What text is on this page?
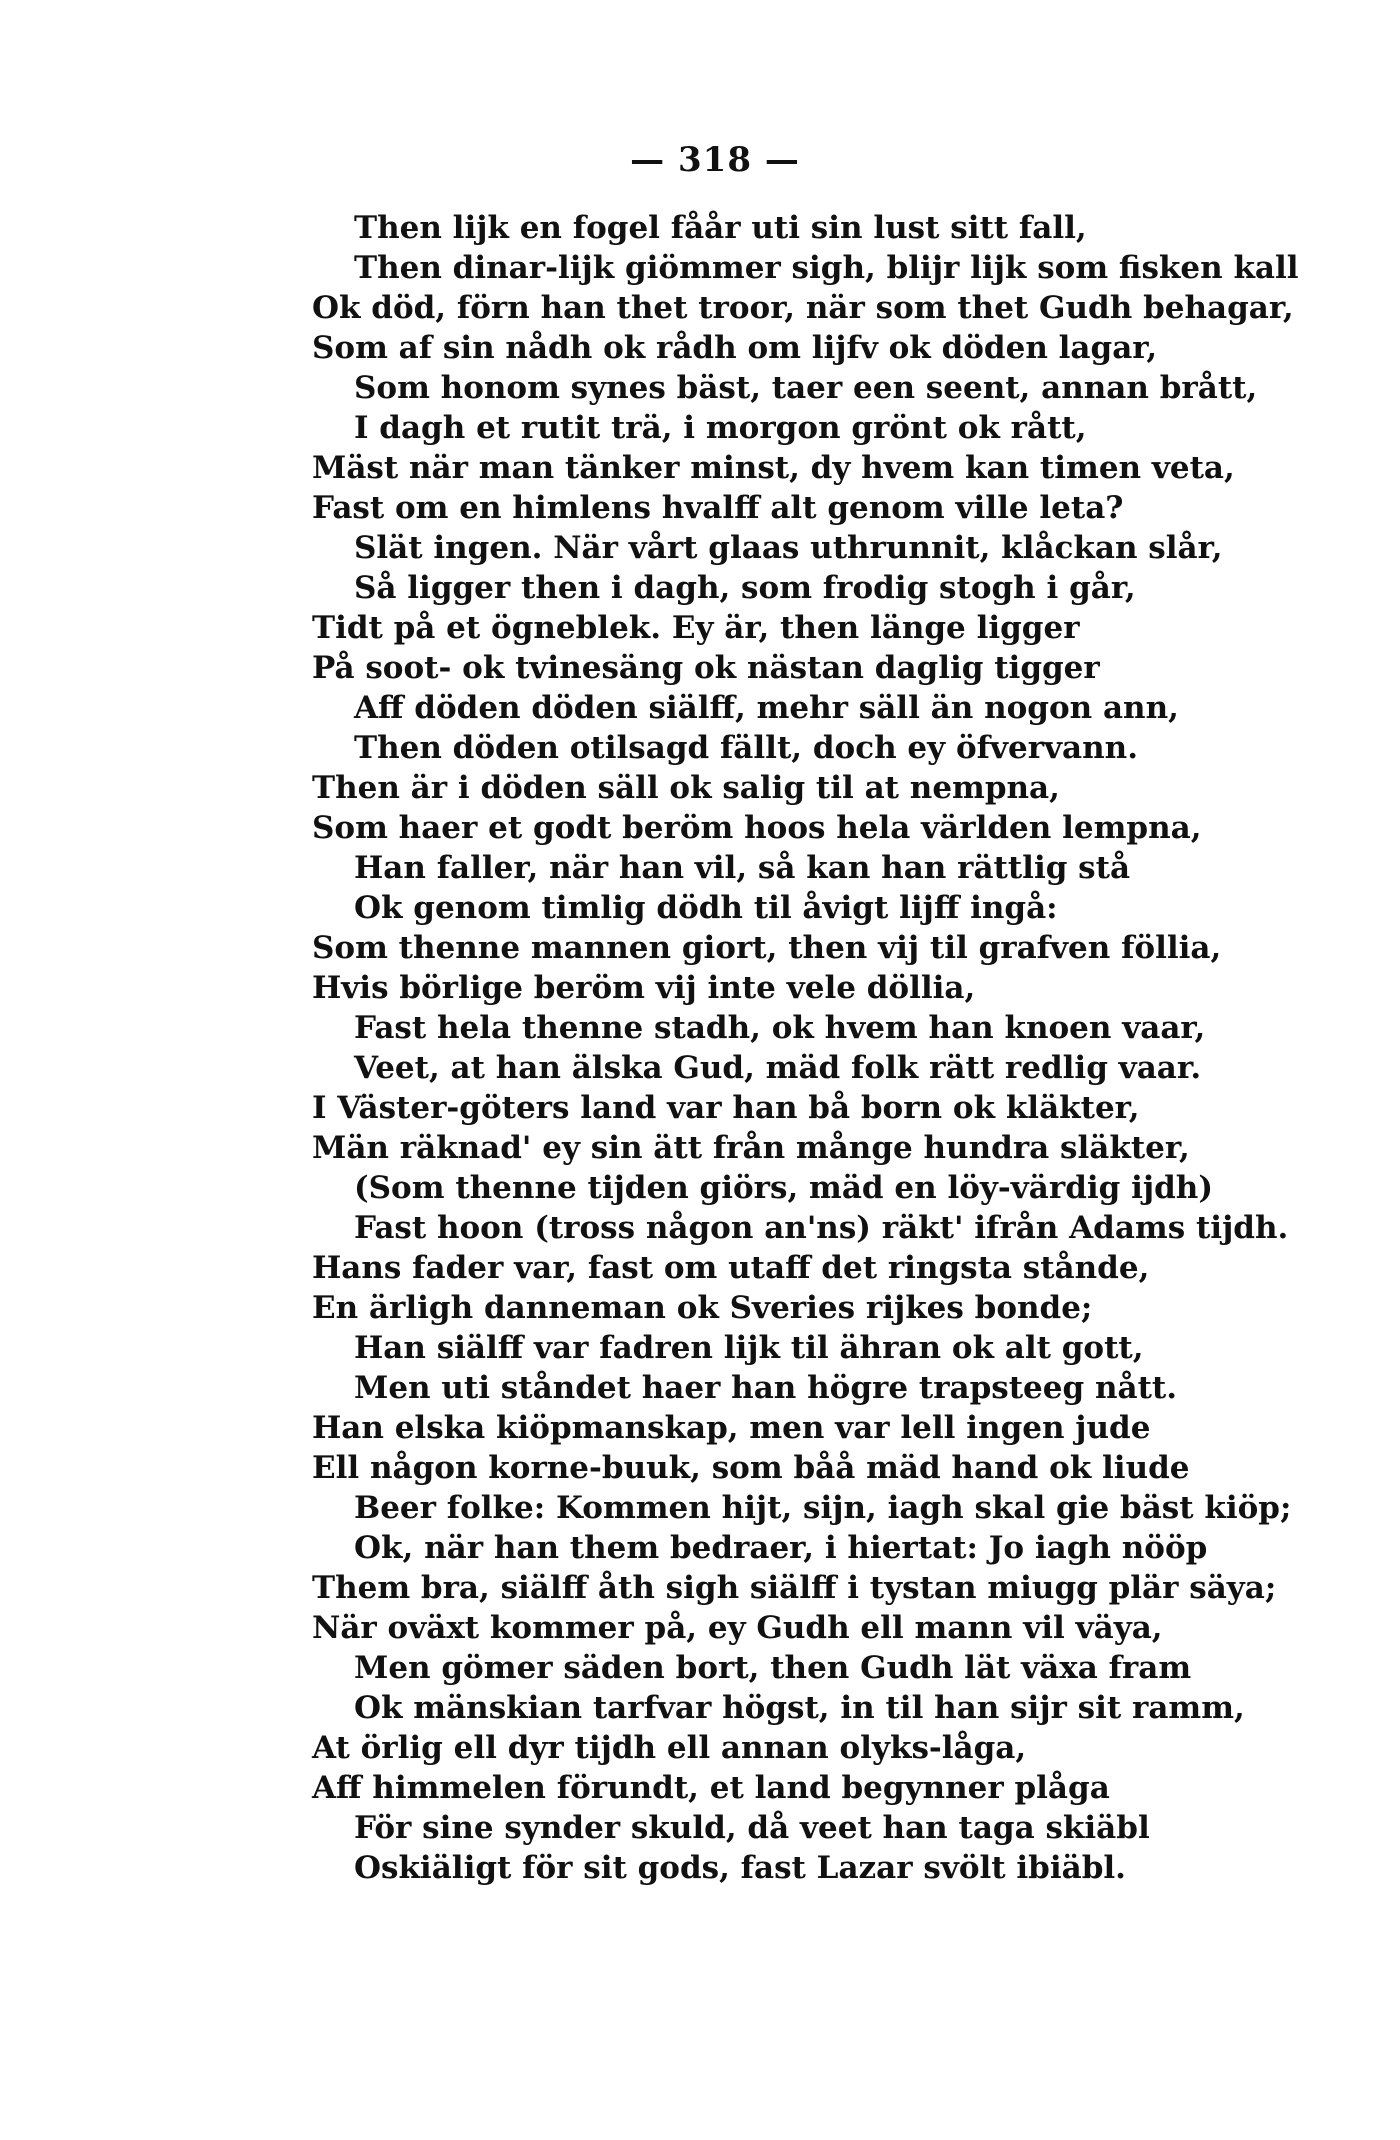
— 318 —
Then lijk en fogel fåår uti sin lust sitt fall,
Then dinar-lijk giömmer sigh, blijr lijk som fisken kall
Ok död, förn han thet troor, när som thet Gudh behagar,
Som af sin nådh ok rådh om lijfv ok döden lagar,
Som honom synes bäst, taer een seent, annan brått,
I dagh et rutit trä, i morgon grönt ok rått,
Mäst när man tänker minst, dy hvem kan timen veta,
Fast om en himlens hvalff alt genom ville leta?
Slät ingen. När vårt glaas uthrunnit, klåckan slår,
Så ligger then i dagh, som frodig stogh i går,
Tidt på et ögneblek. Ey är, then länge ligger
På soot- ok tvinesäng ok nästan daglig tigger
Aff döden döden siälff, mehr säll än nogon ann,
Then döden otilsagd fällt, doch ey öfvervann.
Then är i döden säll ok salig til at nempna,
Som haer et godt beröm hoos hela världen lempna,
Han faller, när han vil, så kan han rättlig stå
Ok genom timlig dödh til åvigt lijff ingå:
Som thenne mannen giort, then vij til grafven föllia,
Hvis börlige beröm vij inte vele döllia,
Fast hela thenne stadh, ok hvem han knoen vaar,
Veet, at han älska Gud, mäd folk rätt redlig vaar.
I Väster-göters land var han bå born ok kläkter,
Män räknad' ey sin ätt från månge hundra släkter,
(Som thenne tijden giörs, mäd en löy-värdig ijdh)
Fast hoon (tross någon an'ns) räkt' ifrån Adams tijdh.
Hans fader var, fast om utaff det ringsta stånde,
En ärligh danneman ok Sveries rijkes bonde;
Han siälff var fadren lijk til ähran ok alt gott,
Men uti ståndet haer han högre trapsteeg nått.
Han elska kiöpmanskap, men var lell ingen jude
Ell någon korne-buuk, som båå mäd hand ok liude
Beer folke: Kommen hijt, sijn, iagh skal gie bäst kiöp;
Ok, när han them bedraer, i hiertat: Jo iagh nööp
Them bra, siälff åth sigh siälff i tystan miugg plär säya;
När oväxt kommer på, ey Gudh ell mann vil väya,
Men gömer säden bort, then Gudh lät växa fram
Ok mänskian tarfvar högst, in til han sijr sit ramm,
At örlig ell dyr tijdh ell annan olyks-låga,
Aff himmelen förundt, et land begynner plåga
För sine synder skuld, då veet han taga skiäbl
Oskiäligt för sit gods, fast Lazar svölt ibiäbl.
